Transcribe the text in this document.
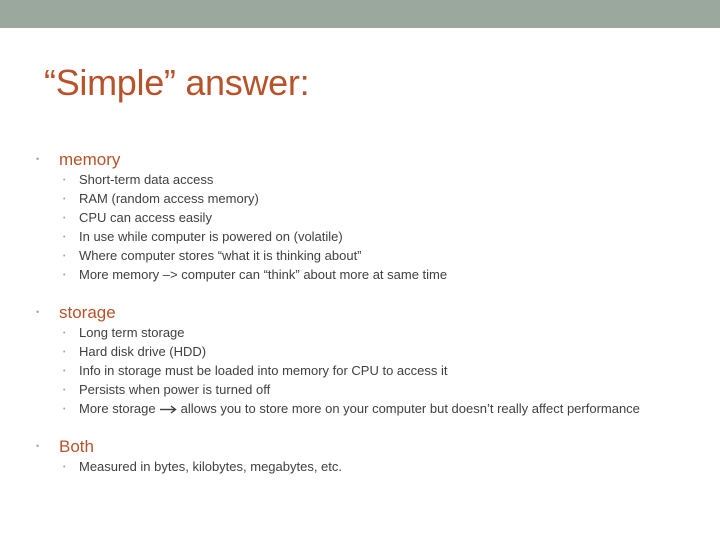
“Simple” answer:
•	memory
•	Short-term data access
•	RAM (random access memory)
•	CPU can access easily
•	In use while computer is powered on (volatile)
•	Where computer stores “what it is thinking about”
•	More memory –> computer can “think” about more at same time
•	storage
•	Long term storage
•	Hard disk drive (HDD)
•	Info in storage must be loaded into memory for CPU to access it
•	Persists when power is turned off
•	More storage allows you to store more on your computer but doesn’t really affect performance
•	Both
•	Measured in bytes, kilobytes, megabytes, etc.
